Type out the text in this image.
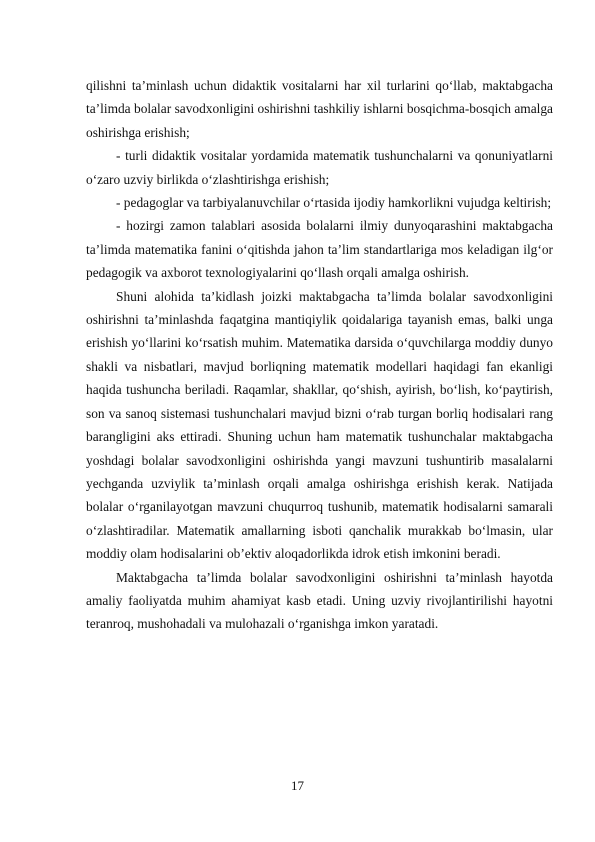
qilishni ta’minlash uchun didaktik vositalarni har xil turlarini qo‘llab, maktabgacha ta’limda bolalar savodxonligini oshirishni tashkiliy ishlarni bosqichma-bosqich amalga oshirishga erishish;

- turli didaktik vositalar yordamida matematik tushunchalarni va qonuniyatlarni o‘zaro uzviy birlikda o‘zlashtirishga erishish;

- pedagoglar va tarbiyalanuvchilar o‘rtasida ijodiy hamkorlikni vujudga keltirish;

- hozirgi zamon talablari asosida bolalarni ilmiy dunyoqarashini maktabgacha ta’limda matematika fanini o‘qitishda jahon ta’lim standartlariga mos keladigan ilg‘or pedagogik va axborot texnologiyalarini qo‘llash orqali amalga oshirish.

Shuni alohida ta’kidlash joizki maktabgacha ta’limda bolalar savodxonligini oshirishni ta’minlashda faqatgina mantiqiylik qoidalariga tayanish emas, balki unga erishish yo‘llarini ko‘rsatish muhim. Matematika darsida o‘quvchilarga moddiy dunyo shakli va nisbatlari, mavjud borliqning matematik modellari haqidagi fan ekanligi haqida tushuncha beriladi. Raqamlar, shakllar, qo‘shish, ayirish, bo‘lish, ko‘paytirish, son va sanoq sistemasi tushunchalari mavjud bizni o‘rab turgan borliq hodisalari rang barangligini aks ettiradi. Shuning uchun ham matematik tushunchalar maktabgacha yoshdagi bolalar savodxonligini oshirishda yangi mavzuni tushuntirib masalalarni yechganda uzviylik ta’minlash orqali amalga oshirishga erishish kerak. Natijada bolalar o‘rganilayotgan mavzuni chuqurroq tushunib, matematik hodisalarni samarali o‘zlashtiradilar. Matematik amallarning isboti qanchalik murakkab bo‘lmasin, ular moddiy olam hodisalarini ob’ektiv aloqadorlikda idrok etish imkonini beradi.

Maktabgacha ta’limda bolalar savodxonligini oshirishni ta’minlash hayotda amaliy faoliyatda muhim ahamiyat kasb etadi. Uning uzviy rivojlantirilishi hayotni teranroq, mushohadali va mulohazali o‘rganishga imkon yaratadi.

17
